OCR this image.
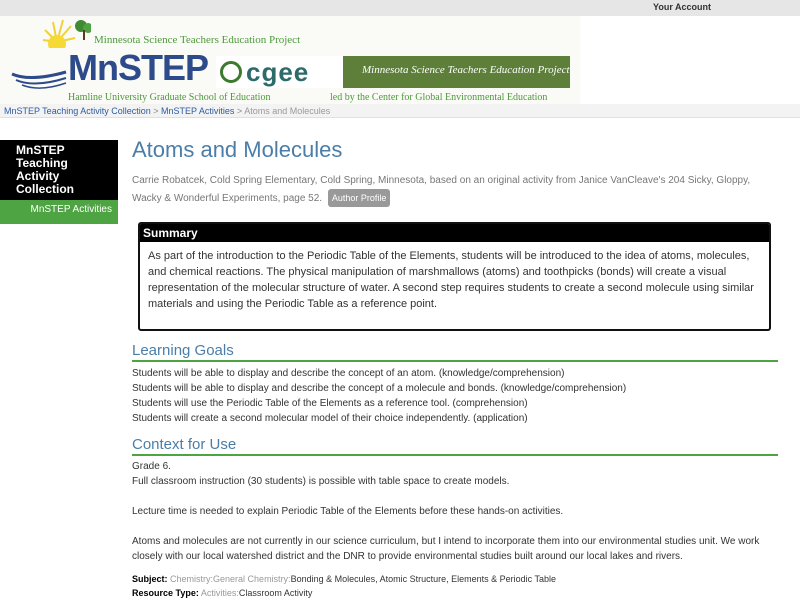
Your Account
Minnesota Science Teachers Education Project
MnSTEP
Hamline University Graduate School of Education
cgee	Minnesota Science Teachers Education Project
led by the Center for Global Environmental Education
MnSTEP Teaching Activity Collection > MnSTEP Activities > Atoms and Molecules
MnSTEP Teaching Activity Collection
MnSTEP Activities
Atoms and Molecules
Carrie Robatcek, Cold Spring Elementary, Cold Spring, Minnesota, based on an original activity from Janice VanCleave's 204 Sicky, Gloppy, Wacky & Wonderful Experiments, page 52. Author Profile
Summary
As part of the introduction to the Periodic Table of the Elements, students will be introduced to the idea of atoms, molecules, and chemical reactions. The physical manipulation of marshmallows (atoms) and toothpicks (bonds) will create a visual representation of the molecular structure of water. A second step requires students to create a second molecule using similar materials and using the Periodic Table as a reference point.
Learning Goals
Students will be able to display and describe the concept of an atom. (knowledge/comprehension)
Students will be able to display and describe the concept of a molecule and bonds. (knowledge/comprehension)
Students will use the Periodic Table of the Elements as a reference tool. (comprehension)
Students will create a second molecular model of their choice independently. (application)
Context for Use

Grade 6.

Full classroom instruction (30 students) is possible with table space to create models.

Lecture time is needed to explain Periodic Table of the Elements before these hands-on activities.

Atoms and molecules are not currently in our science curriculum, but I intend to incorporate them into our environmental studies unit. We work closely with our local watershed district and the DNR to provide environmental studies built around our local lakes and rivers.

Subject: Chemistry:General Chemistry:Bonding & Molecules, Atomic Structure, Elements & Periodic Table
Resource Type: Activities:Classroom Activity
